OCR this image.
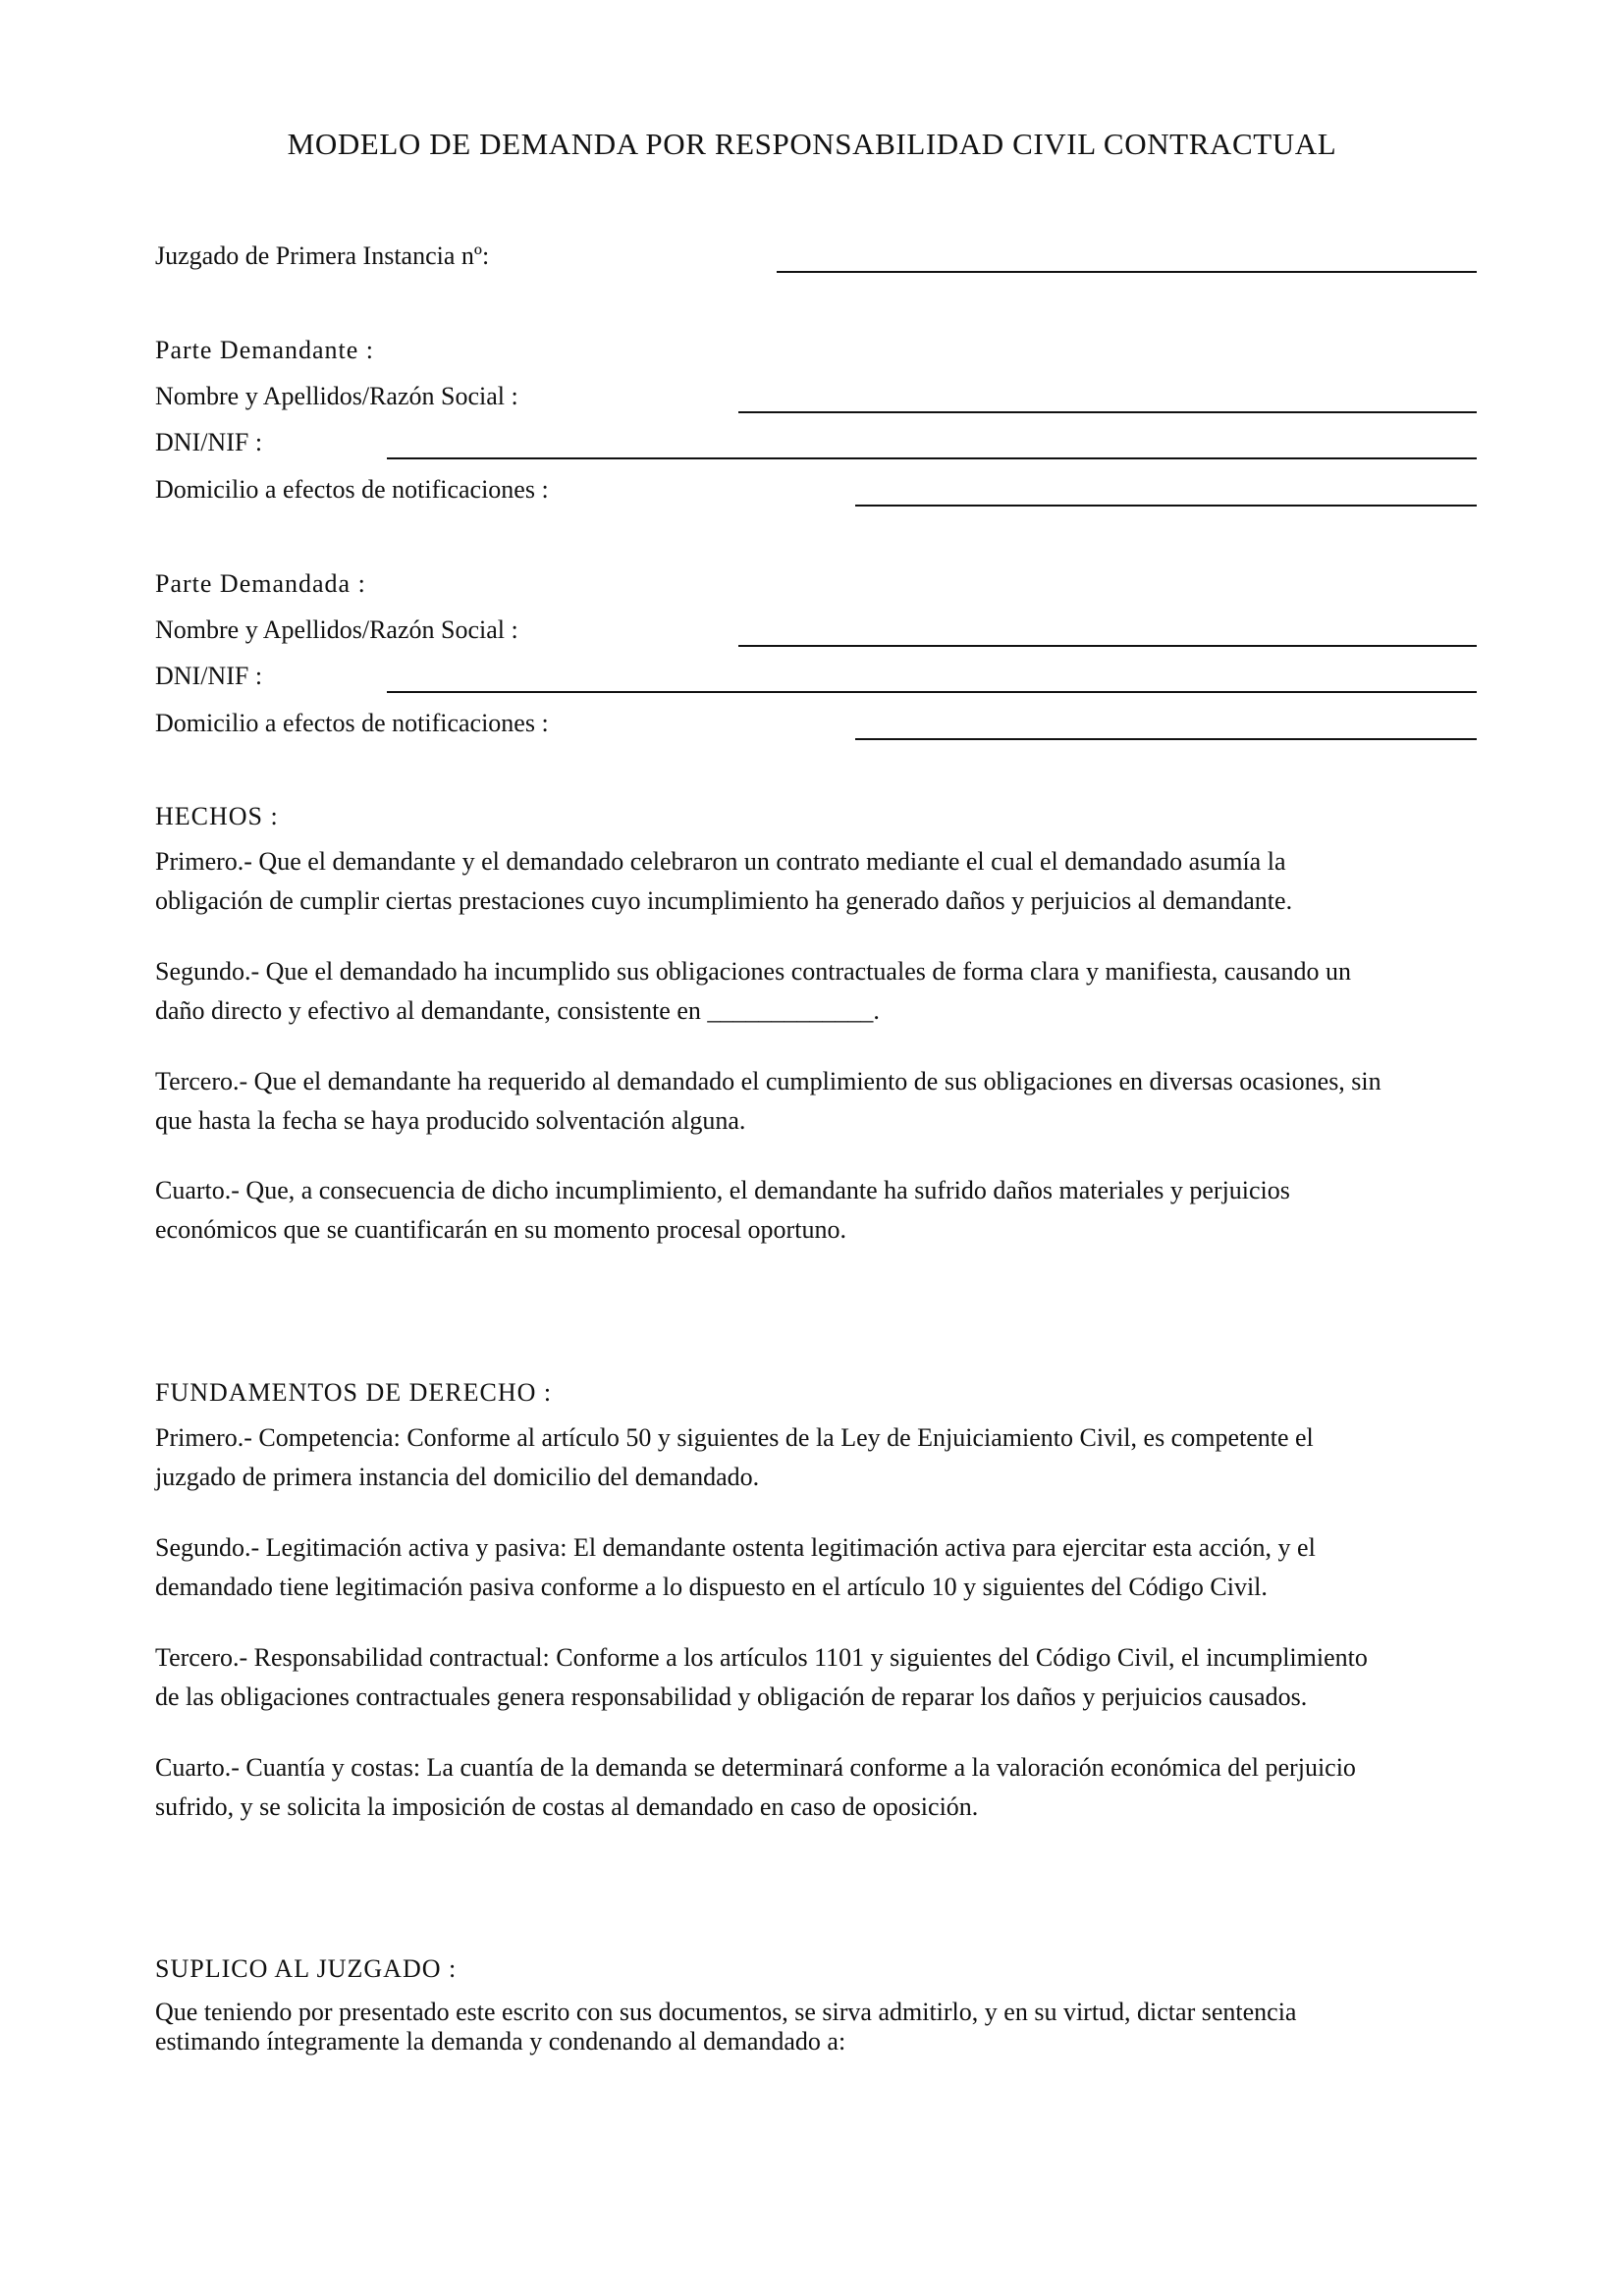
MODELO DE DEMANDA POR RESPONSABILIDAD CIVIL CONTRACTUAL
Juzgado de Primera Instancia nº:
Parte Demandante :
Nombre y Apellidos/Razón Social :
DNI/NIF :
Domicilio a efectos de notificaciones :
Parte Demandada :
Nombre y Apellidos/Razón Social :
DNI/NIF :
Domicilio a efectos de notificaciones :
HECHOS :
Primero.- Que el demandante y el demandado celebraron un contrato mediante el cual el demandado asumía la
obligación de cumplir ciertas prestaciones cuyo incumplimiento ha generado daños y perjuicios al demandante.
Segundo.- Que el demandado ha incumplido sus obligaciones contractuales de forma clara y manifiesta, causando un
daño directo y efectivo al demandante, consistente en _____________.
Tercero.- Que el demandante ha requerido al demandado el cumplimiento de sus obligaciones en diversas ocasiones, sin
que hasta la fecha se haya producido solventación alguna.
Cuarto.- Que, a consecuencia de dicho incumplimiento, el demandante ha sufrido daños materiales y perjuicios
económicos que se cuantificarán en su momento procesal oportuno.
FUNDAMENTOS DE DERECHO :
Primero.- Competencia: Conforme al artículo 50 y siguientes de la Ley de Enjuiciamiento Civil, es competente el
juzgado de primera instancia del domicilio del demandado.
Segundo.- Legitimación activa y pasiva: El demandante ostenta legitimación activa para ejercitar esta acción, y el
demandado tiene legitimación pasiva conforme a lo dispuesto en el artículo 10 y siguientes del Código Civil.
Tercero.- Responsabilidad contractual: Conforme a los artículos 1101 y siguientes del Código Civil, el incumplimiento
de las obligaciones contractuales genera responsabilidad y obligación de reparar los daños y perjuicios causados.
Cuarto.- Cuantía y costas: La cuantía de la demanda se determinará conforme a la valoración económica del perjuicio
sufrido, y se solicita la imposición de costas al demandado en caso de oposición.
SUPLICO AL JUZGADO :
Que teniendo por presentado este escrito con sus documentos, se sirva admitirlo, y en su virtud, dictar sentencia
estimando íntegramente la demanda y condenando al demandado a:
